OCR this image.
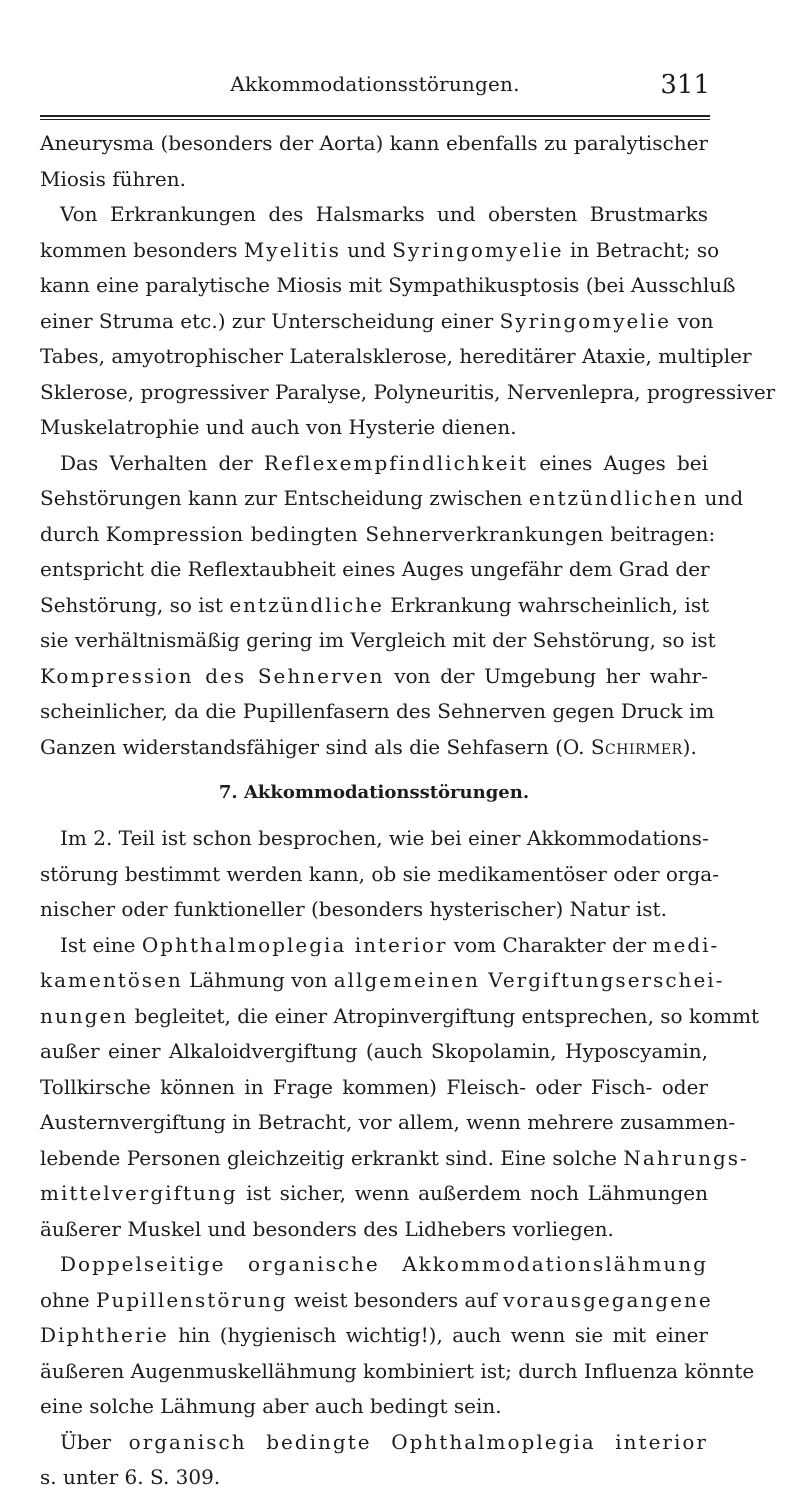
Akkommodationsstörungen.	311
Aneurysma (besonders der Aorta) kann ebenfalls zu paralytischer
Miosis führen.
Von Erkrankungen des Halsmarks und obersten Brustmarks
kommen besonders Myelitis und Syringomyelie in Betracht; so
kann eine paralytische Miosis mit Sympathikusptosis (bei Ausschluß
einer Struma etc.) zur Unterscheidung einer Syringomyelie von
Tabes, amyotrophischer Lateralsklerose, hereditärer Ataxie, multipler
Sklerose, progressiver Paralyse, Polyneuritis, Nervenlepra, progressiver
Muskelatrophie und auch von Hysterie dienen.
Das Verhalten der Reflexempfindlichkeit eines Auges bei
Sehstörungen kann zur Entscheidung zwischen entzündlichen und
durch Kompression bedingten Sehnerverkrankungen beitragen:
entspricht die Reflextaubheit eines Auges ungefähr dem Grad der
Sehstörung, so ist entzündliche Erkrankung wahrscheinlich, ist
sie verhältnismäßig gering im Vergleich mit der Sehstörung, so ist
Kompression des Sehnerven von der Umgebung her wahr-
scheinlicher, da die Pupillenfasern des Sehnerven gegen Druck im
Ganzen widerstandsfähiger sind als die Sehfasern (O. Schirmer).
7. Akkommodationsstörungen.
Im 2. Teil ist schon besprochen, wie bei einer Akkommodations-
störung bestimmt werden kann, ob sie medikamentöser oder orga-
nischer oder funktioneller (besonders hysterischer) Natur ist.
Ist eine Ophthalmoplegia interior vom Charakter der medi-
kamentösen Lähmung von allgemeinen Vergiftungserschei-
nungen begleitet, die einer Atropinvergiftung entsprechen, so kommt
außer einer Alkaloidvergiftung (auch Skopolamin, Hyposcyamin,
Tollkirsche können in Frage kommen) Fleisch- oder Fisch- oder
Austernvergiftung in Betracht, vor allem, wenn mehrere zusammen-
lebende Personen gleichzeitig erkrankt sind. Eine solche Nahrungs-
mittelvergiftung ist sicher, wenn außerdem noch Lähmungen
äußerer Muskel und besonders des Lidhebers vorliegen.
Doppelseitige organische Akkommodationslähmung
ohne Pupillenstörung weist besonders auf vorausgegangene
Diphtherie hin (hygienisch wichtig!), auch wenn sie mit einer
äußeren Augenmuskellähmung kombiniert ist; durch Influenza könnte
eine solche Lähmung aber auch bedingt sein.
Über organisch bedingte Ophthalmoplegia interior
s. unter 6. S. 309.
